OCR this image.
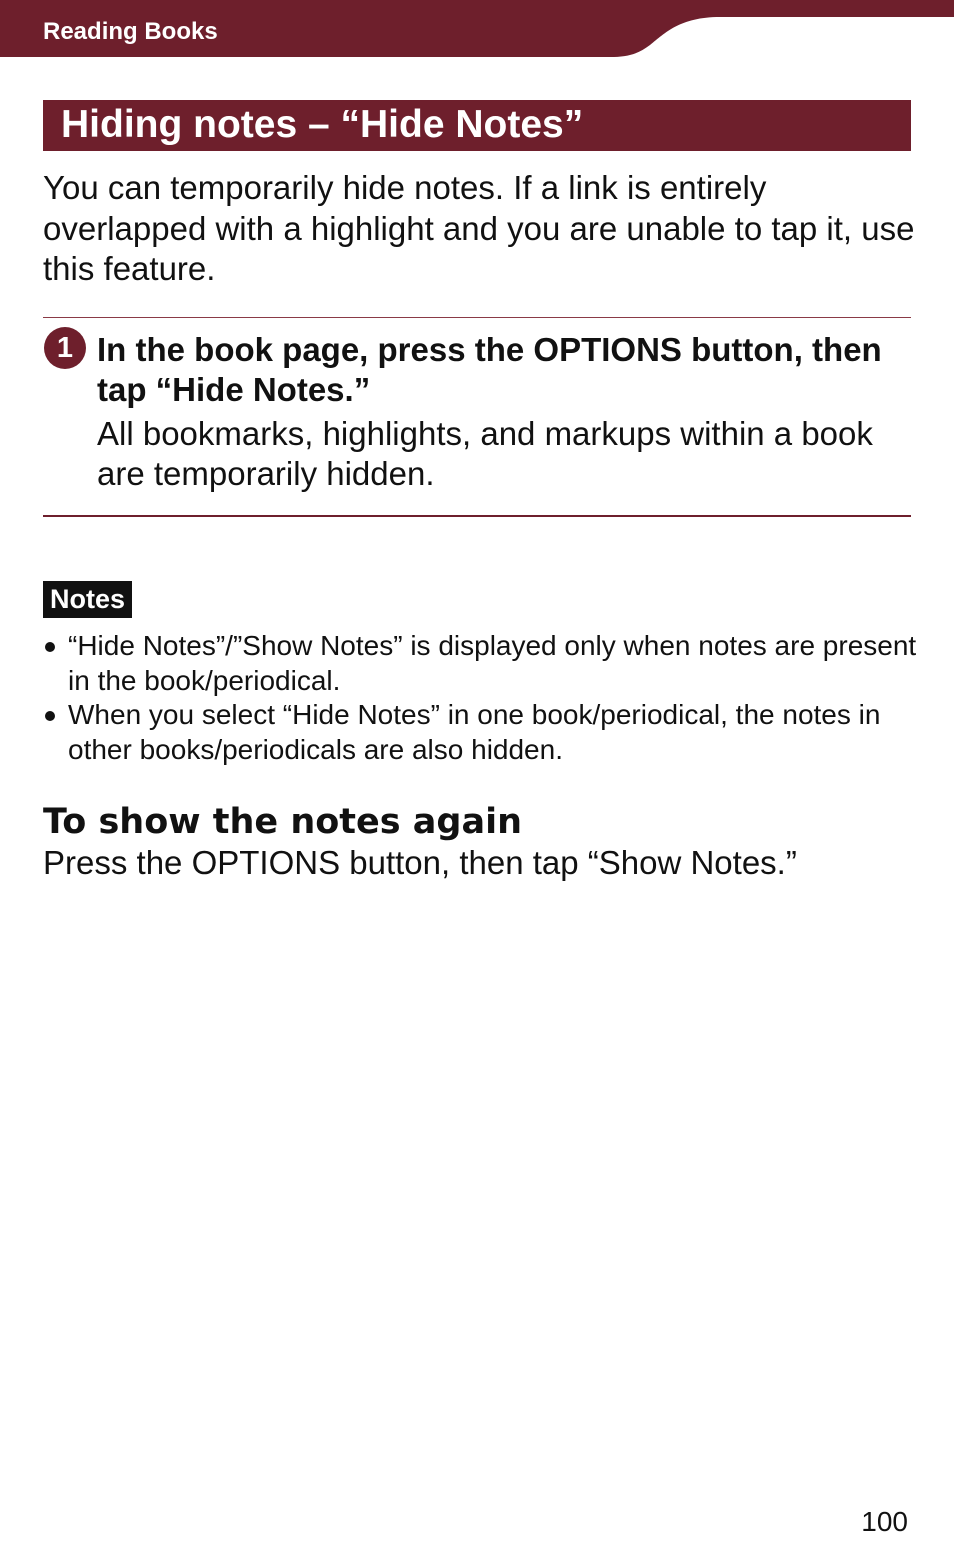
Reading Books
Hiding notes – “Hide Notes”
You can temporarily hide notes. If a link is entirely overlapped with a highlight and you are unable to tap it, use this feature.
1 In the book page, press the OPTIONS button, then tap “Hide Notes.”
All bookmarks, highlights, and markups within a book are temporarily hidden.
Notes
“Hide Notes”/”Show Notes” is displayed only when notes are present in the book/periodical.
When you select “Hide Notes” in one book/periodical, the notes in other books/periodicals are also hidden.
To show the notes again
Press the OPTIONS button, then tap “Show Notes.”
100
